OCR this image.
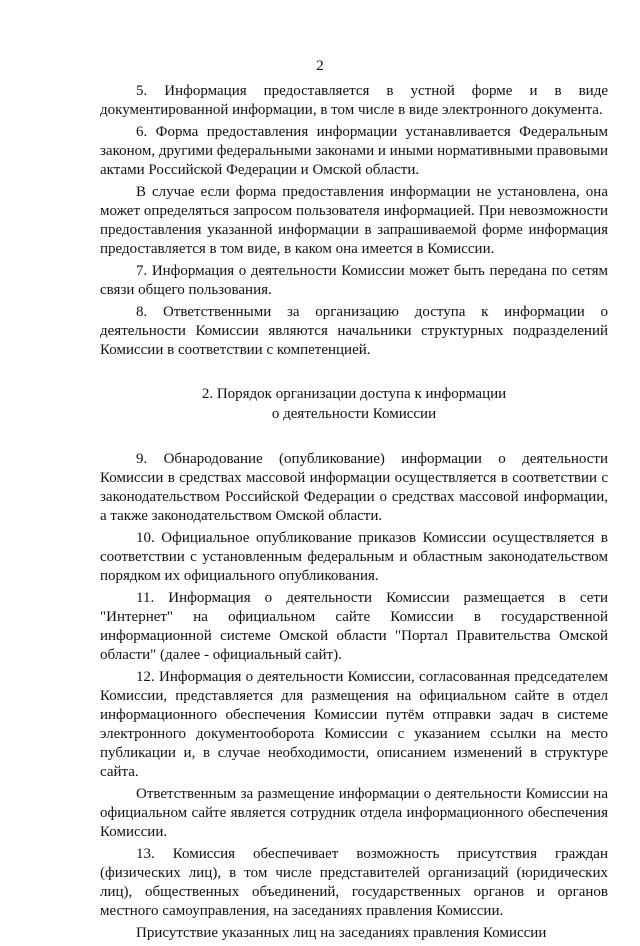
2

5. Информация предоставляется в устной форме и в виде документированной информации, в том числе в виде электронного документа.

6. Форма предоставления информации устанавливается Федеральным законом, другими федеральными законами и иными нормативными правовыми актами Российской Федерации и Омской области.

В случае если форма предоставления информации не установлена, она может определяться запросом пользователя информацией. При невозможности предоставления указанной информации в запрашиваемой форме информация предоставляется в том виде, в каком она имеется в Комиссии.

7. Информация о деятельности Комиссии может быть передана по сетям связи общего пользования.

8. Ответственными за организацию доступа к информации о деятельности Комиссии являются начальники структурных подразделений Комиссии в соответствии с компетенцией.

2. Порядок организации доступа к информации
о деятельности Комиссии

9. Обнародование (опубликование) информации о деятельности Комиссии в средствах массовой информации осуществляется в соответствии с законодательством Российской Федерации о средствах массовой информации, а также законодательством Омской области.

10. Официальное опубликование приказов Комиссии осуществляется в соответствии с установленным федеральным и областным законодательством порядком их официального опубликования.

11. Информация о деятельности Комиссии размещается в сети "Интернет" на официальном сайте Комиссии в государственной информационной системе Омской области "Портал Правительства Омской области" (далее - официальный сайт).

12. Информация о деятельности Комиссии, согласованная председателем Комиссии, представляется для размещения на официальном сайте в отдел информационного обеспечения Комиссии путём отправки задач в системе электронного документооборота Комиссии с указанием ссылки на место публикации и, в случае необходимости, описанием изменений в структуре сайта.

Ответственным за размещение информации о деятельности Комиссии на официальном сайте является сотрудник отдела информационного обеспечения Комиссии.

13. Комиссия обеспечивает возможность присутствия граждан (физических лиц), в том числе представителей организаций (юридических лиц), общественных объединений, государственных органов и органов местного самоуправления, на заседаниях правления Комиссии.

Присутствие указанных лиц на заседаниях правления Комиссии
